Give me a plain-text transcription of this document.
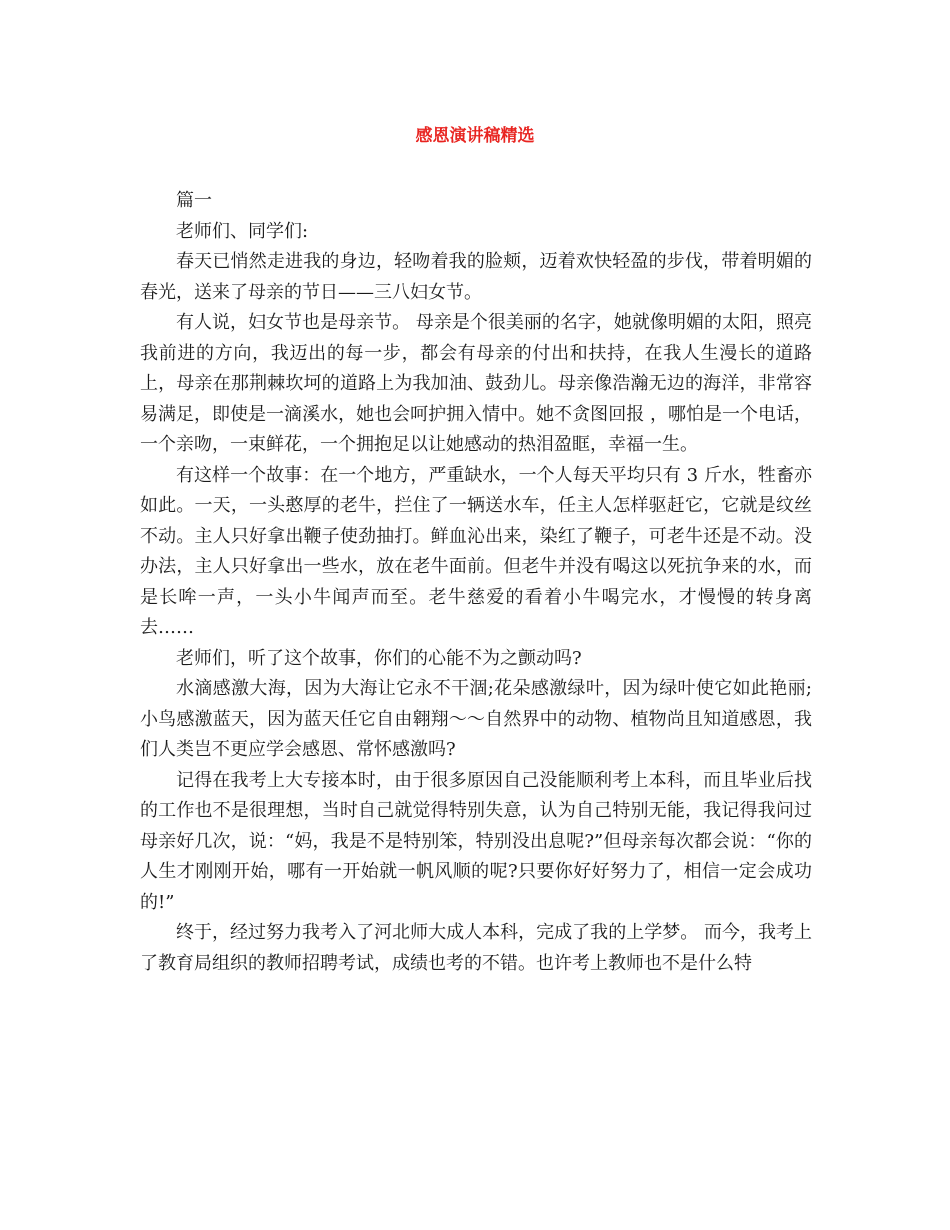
感恩演讲稿精选

篇一

老师们、同学们:

春天已悄然走进我的身边，轻吻着我的脸颊，迈着欢快轻盈的步伐，带着明媚的春光，送来了母亲的节日——三八妇女节。

有人说，妇女节也是母亲节。 母亲是个很美丽的名字，她就像明媚的太阳，照亮我前进的方向，我迈出的每一步，都会有母亲的付出和扶持，在我人生漫长的道路上，母亲在那荆棘坎坷的道路上为我加油、鼓劲儿。母亲像浩瀚无边的海洋，非常容易满足，即使是一滴溪水，她也会呵护拥入情中。她不贪图回报 ，哪怕是一个电话，一个亲吻，一束鲜花，一个拥抱足以让她感动的热泪盈眶，幸福一生。

有这样一个故事：在一个地方，严重缺水，一个人每天平均只有 3 斤水，牲畜亦如此。一天，一头憨厚的老牛，拦住了一辆送水车，任主人怎样驱赶它，它就是纹丝不动。主人只好拿出鞭子使劲抽打。鲜血沁出来，染红了鞭子，可老牛还是不动。没办法，主人只好拿出一些水，放在老牛面前。但老牛并没有喝这以死抗争来的水，而是长哞一声，一头小牛闻声而至。老牛慈爱的看着小牛喝完水，才慢慢的转身离去……

老师们，听了这个故事，你们的心能不为之颤动吗?

水滴感激大海，因为大海让它永不干涸;花朵感激绿叶，因为绿叶使它如此艳丽;小鸟感激蓝天，因为蓝天任它自由翱翔～～自然界中的动物、植物尚且知道感恩，我们人类岂不更应学会感恩、常怀感激吗?

记得在我考上大专接本时，由于很多原因自己没能顺利考上本科，而且毕业后找的工作也不是很理想，当时自己就觉得特别失意，认为自己特别无能，我记得我问过母亲好几次，说：“妈，我是不是特别笨，特别没出息呢?”但母亲每次都会说：“你的人生才刚刚开始，哪有一开始就一帆风顺的呢?只要你好好努力了，相信一定会成功的!”

终于，经过努力我考入了河北师大成人本科，完成了我的上学梦。 而今，我考上了教育局组织的教师招聘考试，成绩也考的不错。也许考上教师也不是什么特
